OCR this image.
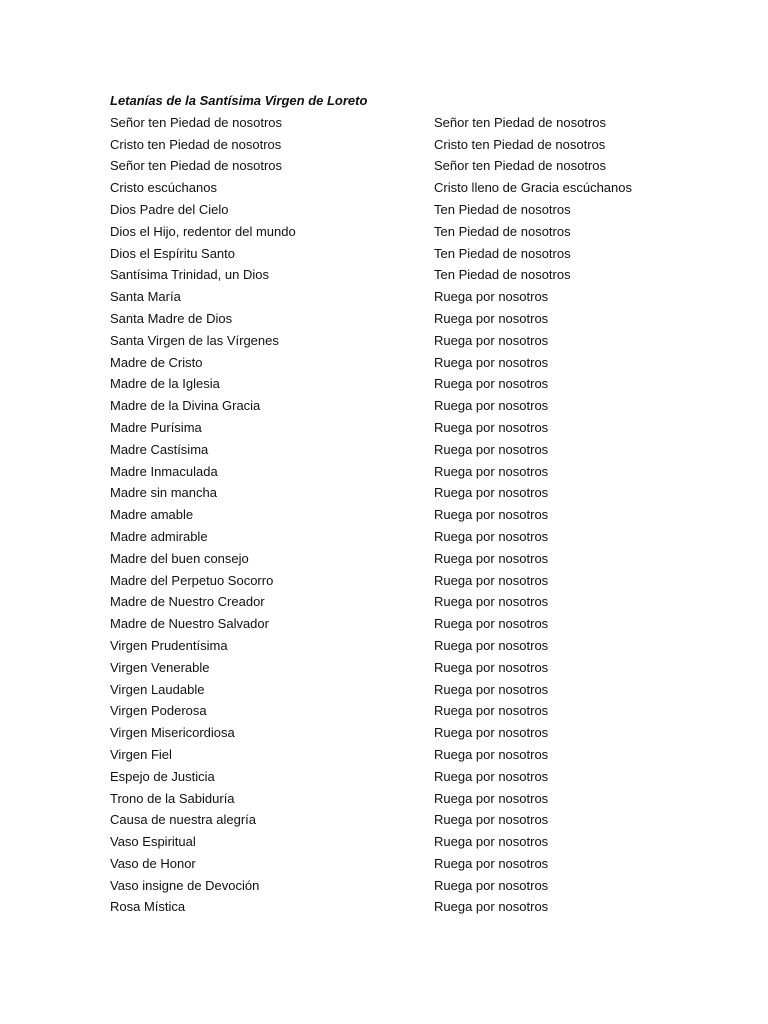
Letanías de la Santísima Virgen de Loreto
Señor ten Piedad de nosotros	Señor ten Piedad de nosotros
Cristo ten Piedad de nosotros	Cristo ten Piedad de nosotros
Señor ten Piedad de nosotros	Señor ten Piedad de nosotros
Cristo escúchanos	Cristo lleno de Gracia escúchanos
Dios Padre del Cielo	Ten Piedad de nosotros
Dios el Hijo, redentor del mundo	Ten Piedad de nosotros
Dios el Espíritu Santo	Ten Piedad de nosotros
Santísima Trinidad, un Dios	Ten Piedad de nosotros
Santa María	Ruega por nosotros
Santa Madre de Dios	Ruega por nosotros
Santa Virgen de las Vírgenes	Ruega por nosotros
Madre de Cristo	Ruega por nosotros
Madre de la Iglesia	Ruega por nosotros
Madre de la Divina Gracia	Ruega por nosotros
Madre Purísima	Ruega por nosotros
Madre Castísima	Ruega por nosotros
Madre Inmaculada	Ruega por nosotros
Madre sin mancha	Ruega por nosotros
Madre amable	Ruega por nosotros
Madre admirable	Ruega por nosotros
Madre del buen consejo	Ruega por nosotros
Madre del Perpetuo Socorro	Ruega por nosotros
Madre de Nuestro Creador	Ruega por nosotros
Madre de Nuestro Salvador	Ruega por nosotros
Virgen Prudentísima	Ruega por nosotros
Virgen Venerable	Ruega por nosotros
Virgen Laudable	Ruega por nosotros
Virgen Poderosa	Ruega por nosotros
Virgen Misericordiosa	Ruega por nosotros
Virgen Fiel	Ruega por nosotros
Espejo de Justicia	Ruega por nosotros
Trono de la Sabiduría	Ruega por nosotros
Causa de nuestra alegría	Ruega por nosotros
Vaso Espiritual	Ruega por nosotros
Vaso de Honor	Ruega por nosotros
Vaso insigne de Devoción	Ruega por nosotros
Rosa Mística	Ruega por nosotros
